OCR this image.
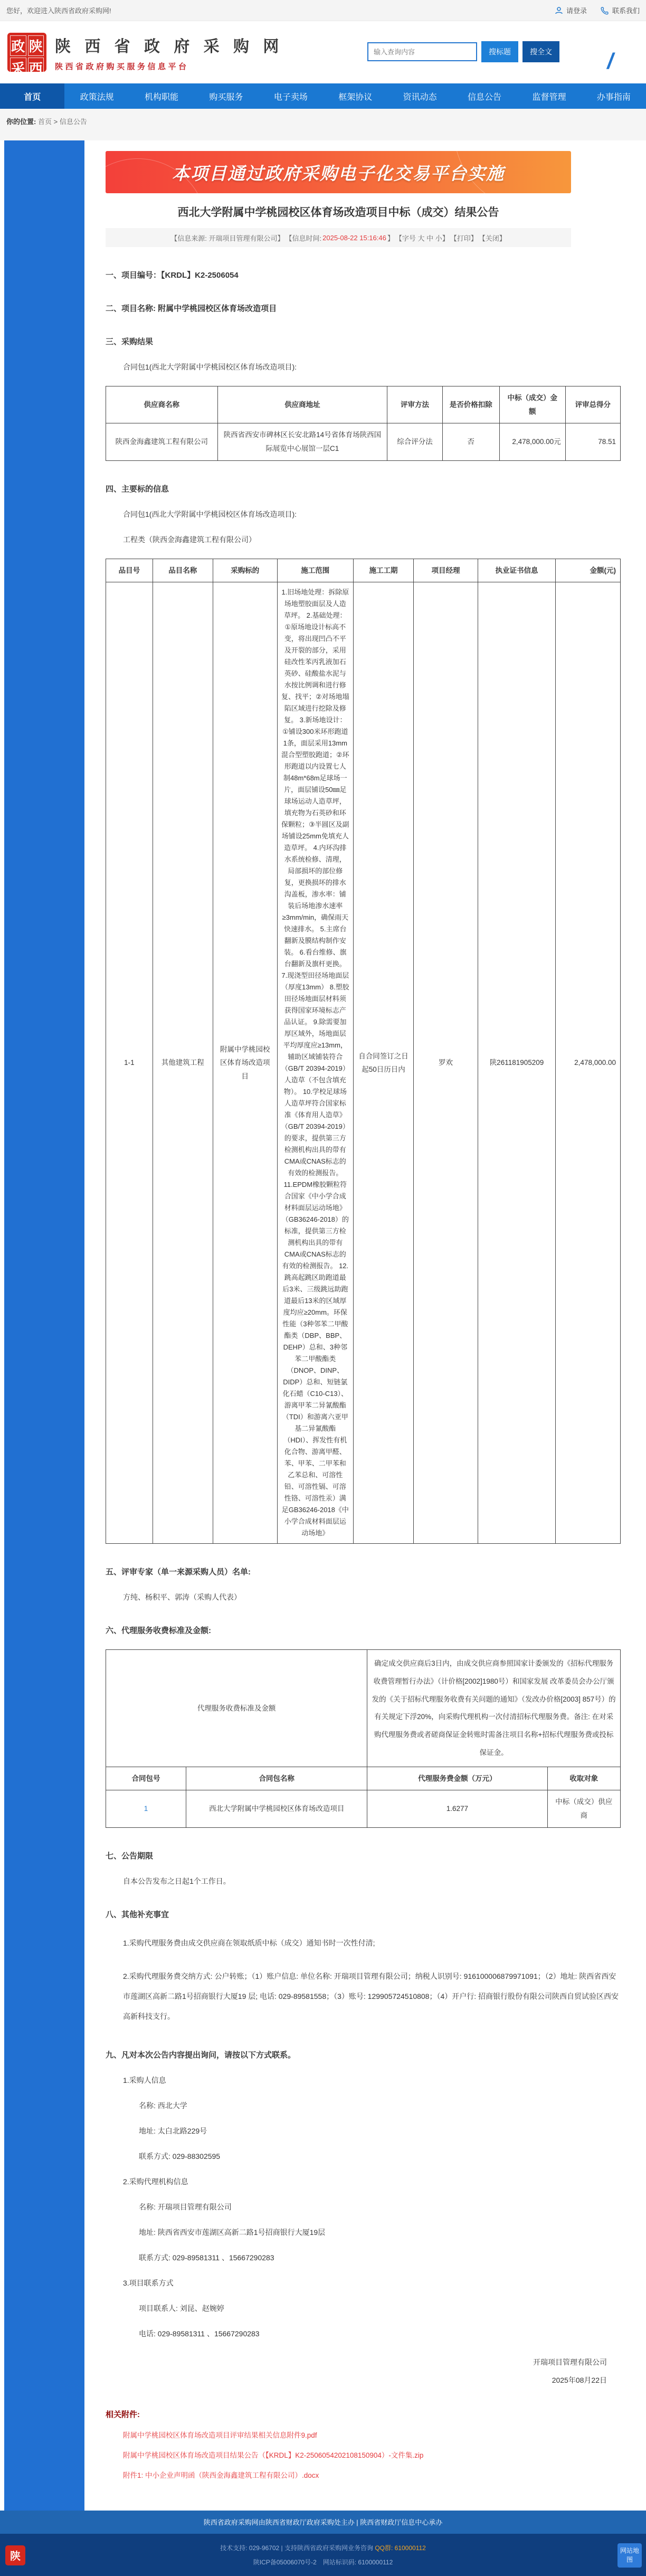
您好，欢迎进入陕西省政府采购网!	请登录	联系我们
政 陕
采 西
陕 西 省 政 府 采 购 网
陕西省政府购买服务信息平台
输入查询内容
搜标题	搜全文	/
首页	政策法规	机构职能	购买服务	电子卖场	框架协议	资讯动态	信息公告	监督管理	办事指南
你的位置: 首页 > 信息公告
本项目通过政府采购电子化交易平台实施
西北大学附属中学桃园校区体育场改造项目中标（成交）结果公告
【信息来源: 开瑞项目管理有限公司】 【信息时间: 2025-08-22 15:16:46 】 【字号 大 中 小】 【打印】 【关闭】
一、项目编号：【KRDL】K2-2506054
二、项目名称: 附属中学桃园校区体育场改造项目
三、采购结果
合同包1(西北大学附属中学桃园校区体育场改造项目):
供应商名称	供应商地址	评审方法	是否价格扣除	中标（成交）金额	评审总得分
陕西金海鑫建筑工程有限公司	陕西省西安市碑林区长安北路14号省体育场陕西国际展览中心展馆一层C1	综合评分法	否	2,478,000.00元	78.51
四、主要标的信息
合同包1(西北大学附属中学桃园校区体育场改造项目):
工程类（陕西金海鑫建筑工程有限公司）
品目号	品目名称	采购标的	施工范围	施工工期	项目经理	执业证书信息	金额(元)
1-1	其他建筑工程	附属中学桃园校区体育场改造项目	1.旧场地处理：拆除原场地塑胶面层及人造草坪。 2.基础处理：①原场地设计标高不变，将出现凹凸不平及开裂的部分，采用硅改性苯丙乳液加石英砂、硅酸盐水泥与水按比例调和进行修复、找平；②对场地塌陷区域进行挖除及修复。 3.新场地设计：①铺设300米环形跑道1条，面层采用13mm混合型塑胶跑道；②环形跑道以内设置七人制48m*68m足球场一片，面层铺设50㎜足球场运动人造草坪，填充物为石英砂和环保颗粒；③半圆区及副场铺设25mm免填充人造草坪。 4.内环沟排水系统检修、清理，局部损坏的部位修复，更换损坏的排水沟盖板，渗水率：铺装后场地渗水速率≥3mm/min，确保雨天快速排水。 5.主席台翻新及膜结构制作安装。 6.看台维修、旗台翻新及旗杆更换。 7.现浇型田径场地面层（厚度13mm） 8.塑胶田径场地面层材料须获得国家环境标志产品认证。 9.除需要加厚区域外，场地面层平均厚度应≥13mm，辅助区域铺装符合（GB/T 20394-2019）人造草（不包含填充物）。 10.学校足球场人造草坪符合国家标准《体育用人造草》（GB/T 20394-2019）的要求，提供第三方检测机构出具的带有CMA或CNAS标志的有效的检测报告。 11.EPDM橡胶颗粒符合国家《中小学合成材料面层运动场地》（GB36246-2018）的标准，提供第三方检测机构出具的带有CMA或CNAS标志的有效的检测报告。 12.跳高起跳区助跑道最后3米、三级跳远助跑道最后13米的区域厚度均应≥20mm。环保性能（3种邻苯二甲酸酯类（DBP、BBP、DEHP）总和、3种邻苯二甲酸酯类（DNOP、DINP、DIDP）总和、短链氯化石蜡（C10-C13）、游离甲苯二异氰酸酯（TDI）和游离六亚甲基二异氰酸酯（HDI）、挥发性有机化合物、游离甲醛、苯、甲苯、二甲苯和乙苯总和、可溶性铅、可溶性镉、可溶性铬、可溶性汞）满足GB36246-2018《中小学合成材料面层运动场地》	自合同签订之日起50日历日内	罗欢	陕261181905209	2,478,000.00
五、评审专家（单一来源采购人员）名单:
方纯、杨积平、郭涛（采购人代表）
六、代理服务收费标准及金额:
代理服务收费标准及金额		确定成交供应商后3日内，由成交供应商参照国家计委颁发的《招标代理服务收费管理暂行办法》（计价格[2002]1980号）和国家发展 改革委员会办公厅颁发的《关于招标代理服务收费有关问题的通知》（发改办价格[2003] 857号）的有关规定下浮20%，向采购代理机构一次付清招标代理服务费。备注: 在对采购代理服务费或者磋商保证金转账时需备注项目名称+招标代理服务费或投标保证金。	
合同包号	合同包名称	代理服务费金额（万元）	收取对象
1	西北大学附属中学桃园校区体育场改造项目	1.6277	中标（成交）供应商
七、公告期限
自本公告发布之日起1个工作日。
八、其他补充事宜
1.采购代理服务费由成交供应商在领取纸质中标（成交）通知书时一次性付清;
2.采购代理服务费交纳方式: 公户转账；（1）账户信息: 单位名称: 开瑞项目管理有限公司；纳税人识别号: 916100006879971091；（2）地址: 陕西省西安市莲湖区高新二路1号招商银行大厦19 层; 电话: 029-89581558；（3）账号: 129905724510808；（4）开户行: 招商银行股份有限公司陕西自贸试验区西安高新科技支行。
九、凡对本次公告内容提出询问，请按以下方式联系。
1.采购人信息
名称: 西北大学
地址: 太白北路229号
联系方式: 029-88302595
2.采购代理机构信息
名称: 开瑞项目管理有限公司
地址: 陕西省西安市莲湖区高新二路1号招商银行大厦19层
联系方式: 029-89581311 、15667290283
3.项目联系方式
项目联系人: 刘昆、赵婉婷
电话: 029-89581311 、15667290283
开瑞项目管理有限公司
2025年08月22日
相关附件:
附属中学桃园校区体育场改造项目评审结果相关信息附件9.pdf
附属中学桃园校区体育场改造项目结果公告（【KRDL】K2-2506054202108150904）-文件集.zip
附件1: 中小企业声明函（陕西金海鑫建筑工程有限公司）.docx
陕西省政府采购网由陕西省财政厅政府采购处主办 | 陕西省财政厅信息中心承办
技术支持: 029-96702 | 支持陕西省政府采购网业务咨询 QQ群: 610000112
陕ICP备05006070号-2　网站标识码: 6100000112
陕
网站地图
